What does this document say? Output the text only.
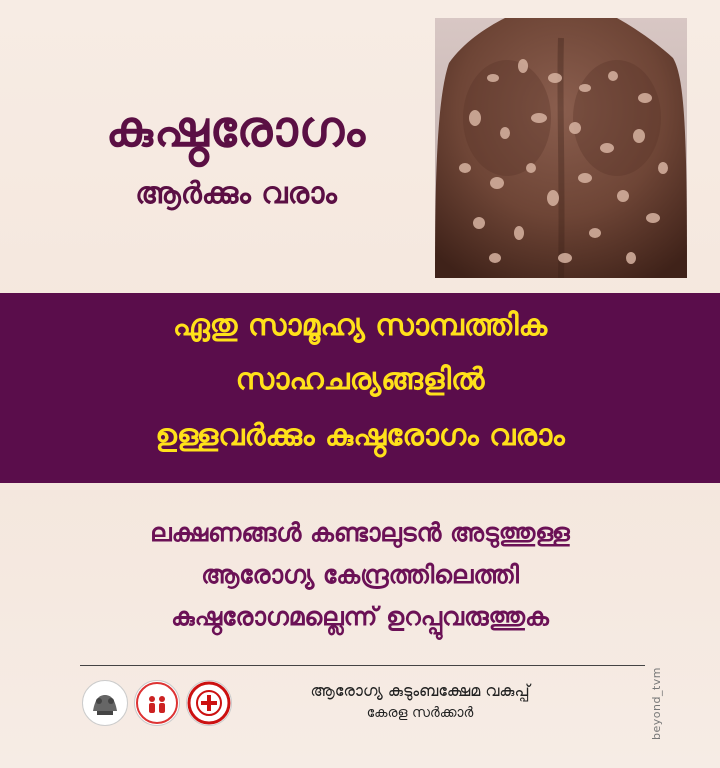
കുഷ്ഠരോഗം
ആർക്കും വരാം
ഏതു സാമൂഹ്യ സാമ്പത്തിക
സാഹചര്യങ്ങളിൽ
ഉള്ളവർക്കും കുഷ്ഠരോഗം വരാം
ലക്ഷണങ്ങൾ കണ്ടാലുടൻ അടുത്തുള്ള
ആരോഗ്യ കേന്ദ്രത്തിലെത്തി
കുഷ്ഠരോഗമല്ലെന്ന് ഉറപ്പുവരുത്തുക
beyond_tvm
ആരോഗ്യ കുടുംബക്ഷേമ വകുപ്പ്
കേരള സർക്കാർ
